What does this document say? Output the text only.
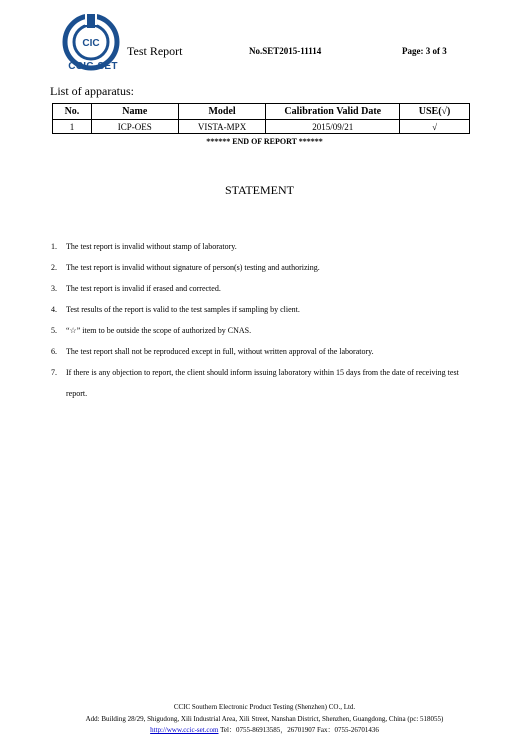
CIC
CCIC-SET
Test Report	No.SET2015-11114	Page: 3 of 3
List of apparatus:
No.	Name	Model	Calibration Valid Date	USE(√)
1	ICP-OES	VISTA-MPX	2015/09/21	√
****** END OF REPORT ******
STATEMENT
1. The test report is invalid without stamp of laboratory.
2. The test report is invalid without signature of person(s) testing and authorizing.
3. The test report is invalid if erased and corrected.
4. Test results of the report is valid to the test samples if sampling by client.
5. “☆” item to be outside the scope of authorized by CNAS.
6. The test report shall not be reproduced except in full, without written approval of the laboratory.
7. If there is any objection to report, the client should inform issuing laboratory within 15 days from the date of receiving test report.
CCIC Southern Electronic Product Testing (Shenzhen) CO., Ltd.
Add: Building 28/29, Shigudong, Xili Industrial Area, Xili Street, Nanshan District, Shenzhen, Guangdong, China (pc: 518055)
http://www.ccic-set.com Tel：0755-86913585，26701907 Fax：0755-26701436
